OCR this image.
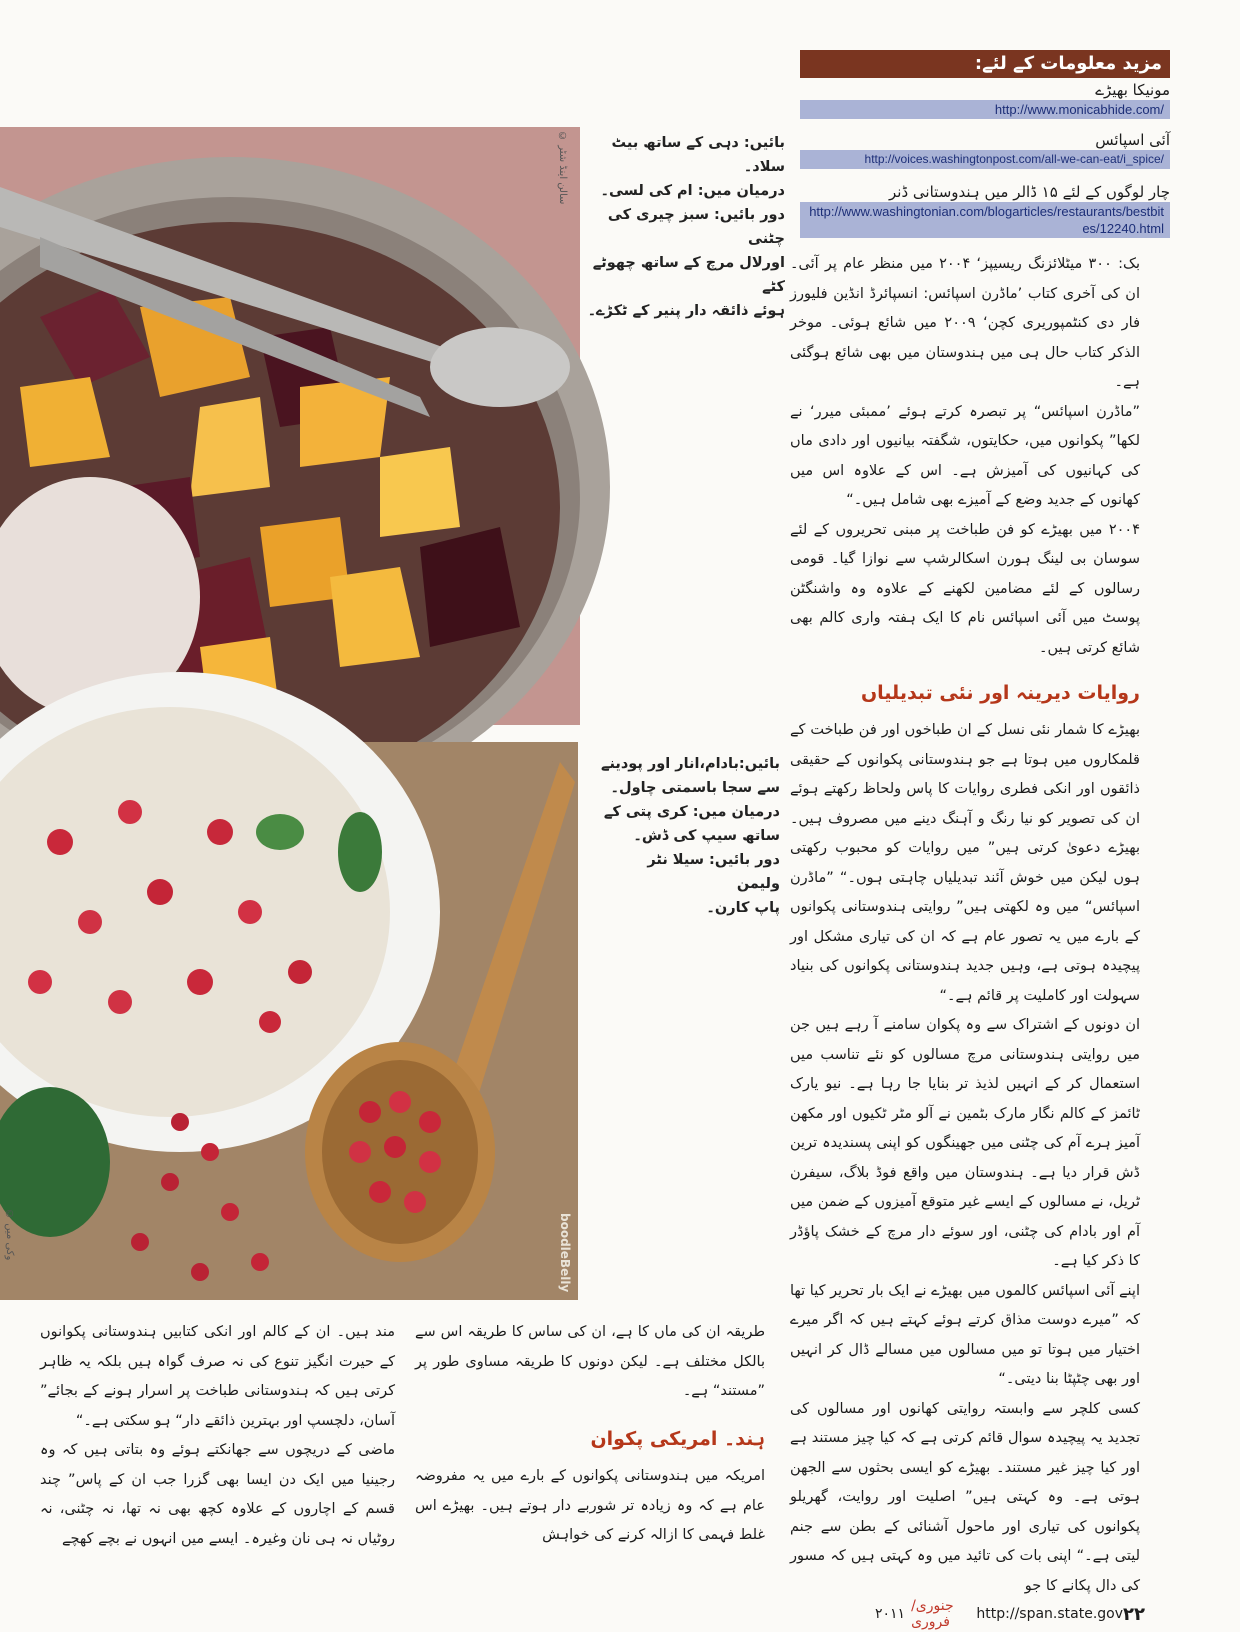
مزید معلومات کے لئے:
مونیکا بھیڑے
http://www.monicabhide.com/
آئی اسپائس
http://voices.washingtonpost.com/all-we-can-eat/i_spice/
چار لوگوں کے لئے ۱۵ ڈالر میں ہندوستانی ڈنر
http://www.washingtonian.com/blogarticles/restaurants/bestbites/12240.html
© سالن اینڈ شٹر
بائیں: دہی کے ساتھ بیٹ سلاد۔
درمیان میں: ام کی لسی۔
دور بائیں: سبز چیری کی چٹنی
اورلال مرچ کے ساتھ چھوٹے کٹے
ہوئے ذائقہ دار پنیر کے ٹکڑے۔
© وکی میں	boodleBelly
بائیں:بادام،انار اور پودینے
سے سجا باسمتی چاول۔
درمیان میں: کری پتی کے
ساتھ سیپ کی ڈش۔
دور بائیں: سیلا نٹر ولیمن
پاپ کارن۔

بک: ۳۰۰ میٹلائزنگ ریسیپز‘ ۲۰۰۴ میں منظر عام پر آئی۔ ان کی آخری کتاب ’ماڈرن اسپائس: انسپائرڈ انڈین فلیورز فار دی کنٹمپوریری کچن‘ ۲۰۰۹ میں شائع ہوئی۔ موخر الذکر کتاب حال ہی میں ہندوستان میں بھی شائع ہوگئی ہے۔

”ماڈرن اسپائس“ پر تبصرہ کرتے ہوئے ’ممبئی میرر‘ نے لکھا” پکوانوں میں، حکایتوں، شگفتہ بیانیوں اور دادی ماں کی کہانیوں کی آمیزش ہے۔ اس کے علاوہ اس میں کھانوں کے جدید وضع کے آمیزے بھی شامل ہیں۔“

۲۰۰۴ میں بھیڑے کو فن طباخت پر مبنی تحریروں کے لئے سوسان بی لینگ ہورن اسکالرشپ سے نوازا گیا۔ قومی رسالوں کے لئے مضامین لکھنے کے علاوہ وہ واشنگٹن پوسٹ میں آئی اسپائس نام کا ایک ہفتہ واری کالم بھی شائع کرتی ہیں۔

روایات دیرینہ اور نئی تبدیلیاں

بھیڑے کا شمار نئی نسل کے ان طباخوں اور فن طباخت کے قلمکاروں میں ہوتا ہے جو ہندوستانی پکوانوں کے حقیقی ذائقوں اور انکی فطری روایات کا پاس ولحاظ رکھتے ہوئے ان کی تصویر کو نیا رنگ و آہنگ دینے میں مصروف ہیں۔ بھیڑے دعویٰ کرتی ہیں” میں روایات کو محبوب رکھتی ہوں لیکن میں خوش آئند تبدیلیاں چاہتی ہوں۔“ ”ماڈرن اسپائس“ میں وہ لکھتی ہیں” روایتی ہندوستانی پکوانوں کے بارے میں یہ تصور عام ہے کہ ان کی تیاری مشکل اور پیچیدہ ہوتی ہے، وہیں جدید ہندوستانی پکوانوں کی بنیاد سہولت اور کاملیت پر قائم ہے۔“

ان دونوں کے اشتراک سے وہ پکوان سامنے آ رہے ہیں جن میں روایتی ہندوستانی مرچ مسالوں کو نئے تناسب میں استعمال کر کے انہیں لذیذ تر بنایا جا رہا ہے۔ نیو یارک ٹائمز کے کالم نگار مارک بٹمین نے آلو مٹر ٹکیوں اور مکھن آمیز ہرے آم کی چٹنی میں جھینگوں کو اپنی پسندیدہ ترین ڈش قرار دیا ہے۔ ہندوستان میں واقع فوڈ بلاگ، سیفرن ٹریل، نے مسالوں کے ایسے غیر متوقع آمیزوں کے ضمن میں آم اور بادام کی چٹنی، اور سوئے دار مرچ کے خشک پاؤڈر کا ذکر کیا ہے۔

اپنے آئی اسپائس کالموں میں بھیڑے نے ایک بار تحریر کیا تھا کہ ”میرے دوست مذاق کرتے ہوئے کہتے ہیں کہ اگر میرے اختیار میں ہوتا تو میں مسالوں میں مسالے ڈال کر انہیں اور بھی چٹپٹا بنا دیتی۔“

کسی کلچر سے وابستہ روایتی کھانوں اور مسالوں کی تجدید یہ پیچیدہ سوال قائم کرتی ہے کہ کیا چیز مستند ہے اور کیا چیز غیر مستند۔ بھیڑے کو ایسی بحثوں سے الجھن ہوتی ہے۔ وہ کہتی ہیں” اصلیت اور روایت، گھریلو پکوانوں کی تیاری اور ماحول آشنائی کے بطن سے جنم لیتی ہے۔“ اپنی بات کی تائید میں وہ کہتی ہیں کہ مسور کی دال پکانے کا جو

طریقہ ان کی ماں کا ہے، ان کی ساس کا طریقہ اس سے بالکل مختلف ہے۔ لیکن دونوں کا طریقہ مساوی طور پر ”مستند“ ہے۔

ہند۔ امریکی پکوان

امریکہ میں ہندوستانی پکوانوں کے بارے میں یہ مفروضہ عام ہے کہ وہ زیادہ تر شوربے دار ہوتے ہیں۔ بھیڑے اس غلط فہمی کا ازالہ کرنے کی خواہش

مند ہیں۔ ان کے کالم اور انکی کتابیں ہندوستانی پکوانوں کے حیرت انگیز تنوع کی نہ صرف گواہ ہیں بلکہ یہ ظاہر کرتی ہیں کہ ہندوستانی طباخت پر اسرار ہونے کے بجائے” آسان، دلچسپ اور بہترین ذائقے دار“ ہو سکتی ہے۔“

ماضی کے دریچوں سے جھانکتے ہوئے وہ بتاتی ہیں کہ وہ رجینیا میں ایک دن ایسا بھی گزرا جب ان کے پاس” چند قسم کے اچاروں کے علاوہ کچھ بھی نہ تھا، نہ چٹنی، نہ روٹیاں نہ ہی نان وغیرہ۔ ایسے میں انہوں نے بچے کھچے

۲۰۱۱ جنوری/فروری	http://span.state.gov ۲۲
